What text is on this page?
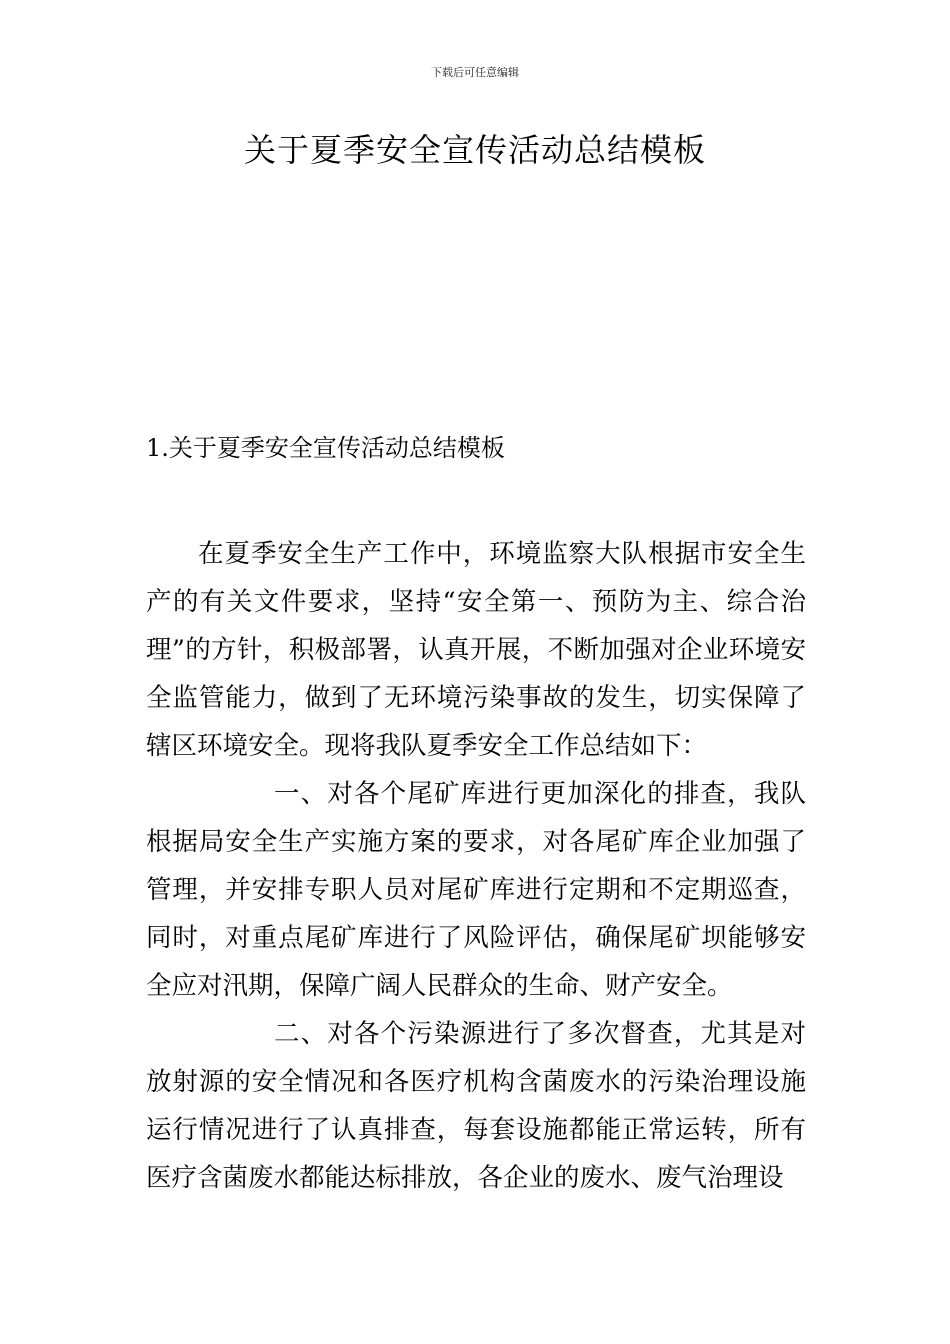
下载后可任意编辑
关于夏季安全宣传活动总结模板
1.关于夏季安全宣传活动总结模板

在夏季安全生产工作中，环境监察大队根据市安全生产的有关文件要求，坚持“安全第一、预防为主、综合治理”的方针，积极部署，认真开展，不断加强对企业环境安全监管能力，做到了无环境污染事故的发生，切实保障了辖区环境安全。现将我队夏季安全工作总结如下：

一、对各个尾矿库进行更加深化的排查，我队根据局安全生产实施方案的要求，对各尾矿库企业加强了管理，并安排专职人员对尾矿库进行定期和不定期巡查，同时，对重点尾矿库进行了风险评估，确保尾矿坝能够安全应对汛期，保障广阔人民群众的生命、财产安全。

二、对各个污染源进行了多次督查，尤其是对放射源的安全情况和各医疗机构含菌废水的污染治理设施运行情况进行了认真排查，每套设施都能正常运转，所有医疗含菌废水都能达标排放，各企业的废水、废气治理设
